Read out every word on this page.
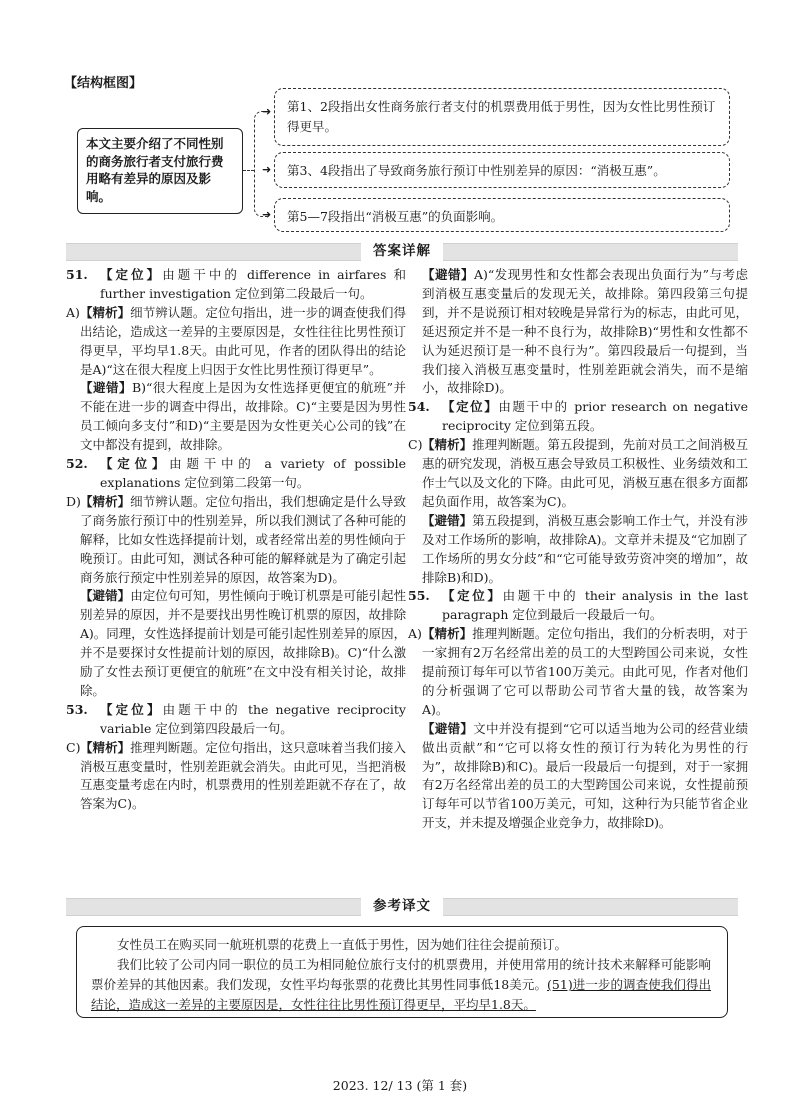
【结构框图】
本文主要介绍了不同性别的商务旅行者支付旅行费用略有差异的原因及影响。
➜
➜
➜
第1、2段指出女性商务旅行者支付的机票费用低于男性，因为女性比男性预订得更早。
第3、4段指出了导致商务旅行预订中性别差异的原因：“消极互惠”。
第5—7段指出“消极互惠”的负面影响。
答案详解

51. 【定位】由题干中的 difference in airfares 和 further investigation 定位到第二段最后一句。

A) 【精析】细节辨认题。定位句指出，进一步的调查使我们得出结论，造成这一差异的主要原因是，女性往往比男性预订得更早，平均早1.8天。由此可见，作者的团队得出的结论是A)“这在很大程度上归因于女性比男性预订得更早”。

【避错】B)“很大程度上是因为女性选择更便宜的航班”并不能在进一步的调查中得出，故排除。C)“主要是因为男性员工倾向多支付”和D)“主要是因为女性更关心公司的钱”在文中都没有提到，故排除。

52. 【定位】由题干中的 a variety of possible explanations 定位到第二段第一句。

D) 【精析】细节辨认题。定位句指出，我们想确定是什么导致了商务旅行预订中的性别差异，所以我们测试了各种可能的解释，比如女性选择提前计划，或者经常出差的男性倾向于晚预订。由此可知，测试各种可能的解释就是为了确定引起商务旅行预定中性别差异的原因，故答案为D)。

【避错】由定位句可知，男性倾向于晚订机票是可能引起性别差异的原因，并不是要找出男性晚订机票的原因，故排除A)。同理，女性选择提前计划是可能引起性别差异的原因，并不是要探讨女性提前计划的原因，故排除B)。C)“什么激励了女性去预订更便宜的航班”在文中没有相关讨论，故排除。

53. 【定位】由题干中的 the negative reciprocity variable 定位到第四段最后一句。

C) 【精析】推理判断题。定位句指出，这只意味着当我们接入消极互惠变量时，性别差距就会消失。由此可见，当把消极互惠变量考虑在内时，机票费用的性别差距就不存在了，故答案为C)。

【避错】A)“发现男性和女性都会表现出负面行为”与考虑到消极互惠变量后的发现无关，故排除。第四段第三句提到，并不是说预订相对较晚是异常行为的标志，由此可见，延迟预定并不是一种不良行为，故排除B)“男性和女性都不认为延迟预订是一种不良行为”。第四段最后一句提到，当我们接入消极互惠变量时，性别差距就会消失，而不是缩小，故排除D)。

54. 【定位】由题干中的 prior research on negative reciprocity 定位到第五段。

C) 【精析】推理判断题。第五段提到，先前对员工之间消极互惠的研究发现，消极互惠会导致员工积极性、业务绩效和工作士气以及文化的下降。由此可见，消极互惠在很多方面都起负面作用，故答案为C)。

【避错】第五段提到，消极互惠会影响工作士气，并没有涉及对工作场所的影响，故排除A)。文章并未提及“它加剧了工作场所的男女分歧”和“它可能导致劳资冲突的增加”，故排除B)和D)。

55. 【定位】由题干中的 their analysis in the last paragraph 定位到最后一段最后一句。

A) 【精析】推理判断题。定位句指出，我们的分析表明，对于一家拥有2万名经常出差的员工的大型跨国公司来说，女性提前预订每年可以节省100万美元。由此可见，作者对他们的分析强调了它可以帮助公司节省大量的钱，故答案为A)。

【避错】文中并没有提到“它可以适当地为公司的经营业绩做出贡献”和“它可以将女性的预订行为转化为男性的行为”，故排除B)和C)。最后一段最后一句提到，对于一家拥有2万名经常出差的员工的大型跨国公司来说，女性提前预订每年可以节省100万美元，可知，这种行为只能节省企业开支，并未提及增强企业竞争力，故排除D)。

参考译文

女性员工在购买同一航班机票的花费上一直低于男性，因为她们往往会提前预订。

我们比较了公司内同一职位的员工为相同舱位旅行支付的机票费用，并使用常用的统计技术来解释可能影响票价差异的其他因素。我们发现，女性平均每张票的花费比其男性同事低18美元。(51)进一步的调查使我们得出结论，造成这一差异的主要原因是，女性往往比男性预订得更早，平均早1.8天。

2023. 12/ 13 (第 1 套)
